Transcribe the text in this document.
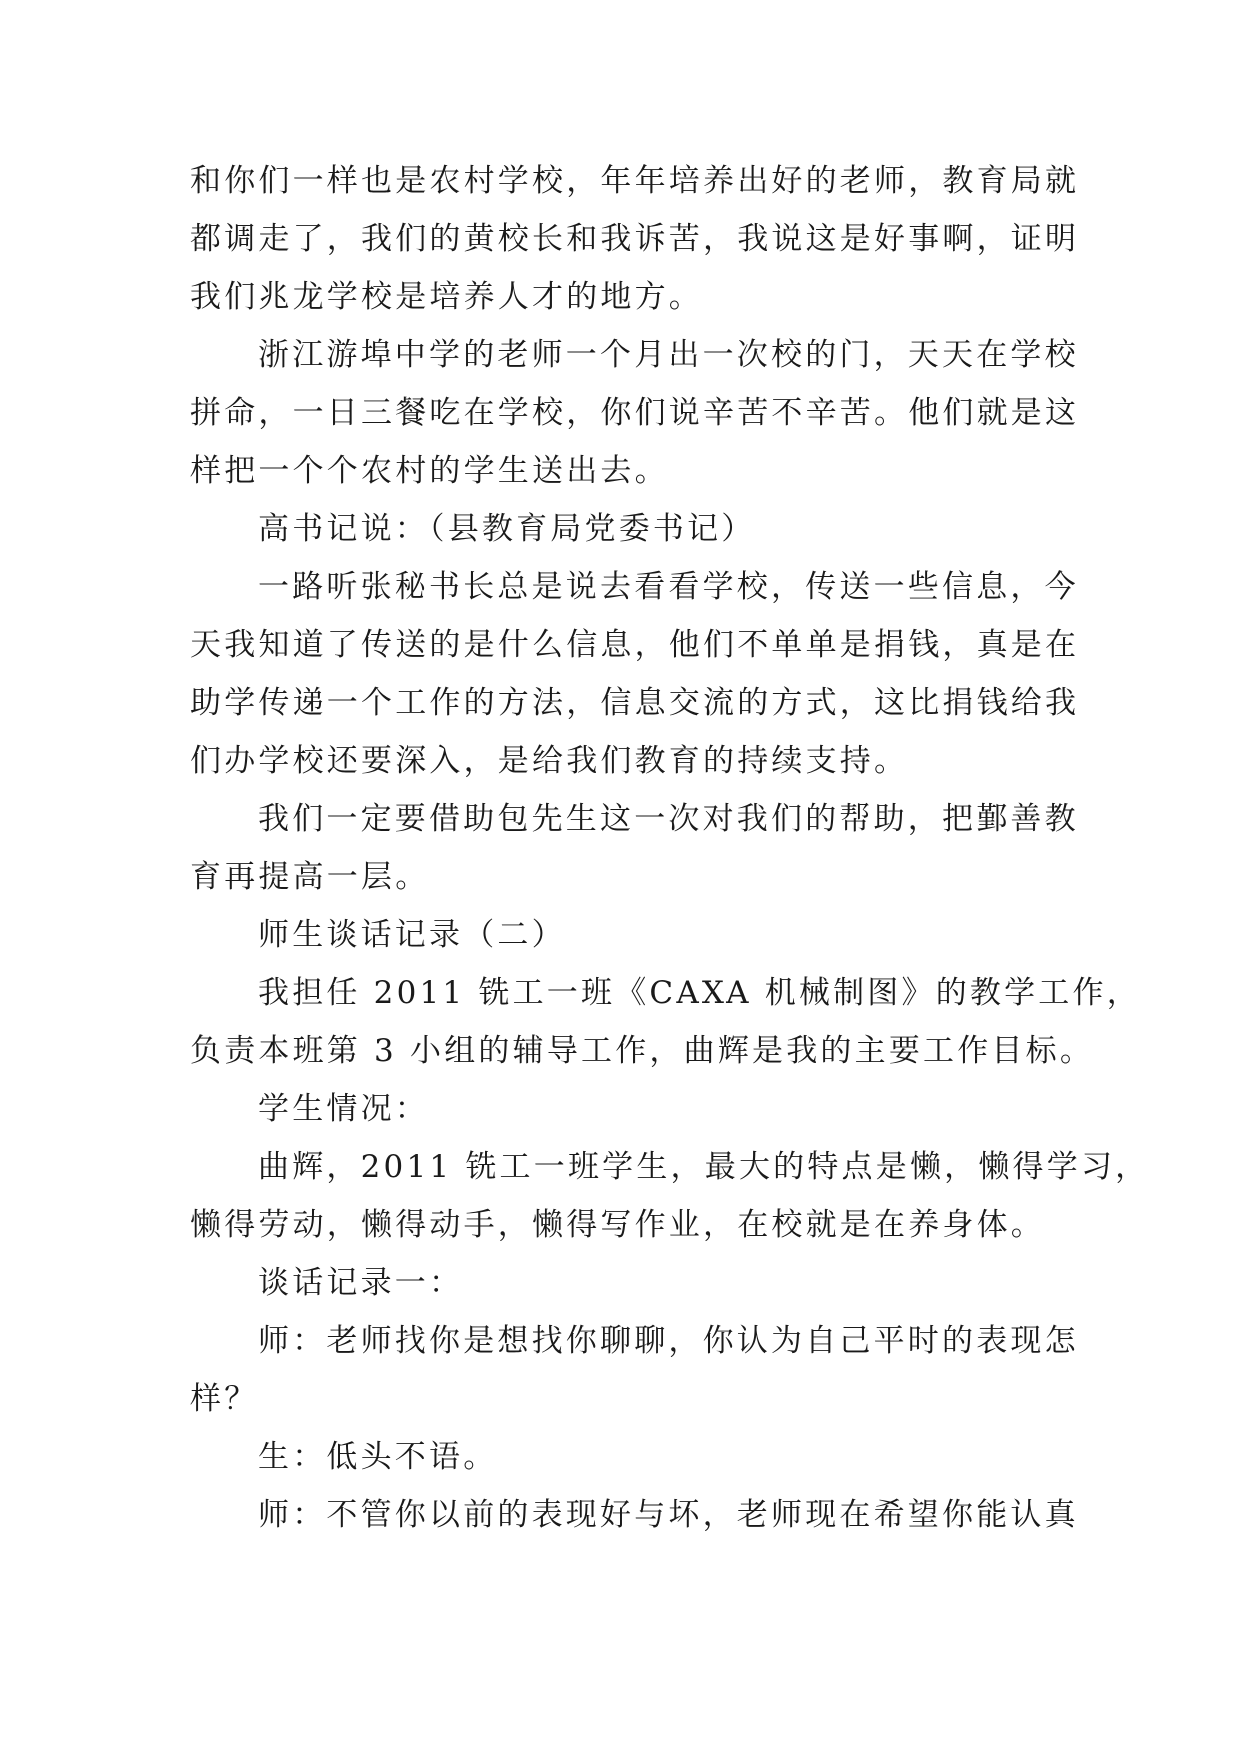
和你们一样也是农村学校，年年培养出好的老师，教育局就
都调走了，我们的黄校长和我诉苦，我说这是好事啊，证明
我们兆龙学校是培养人才的地方。
浙江游埠中学的老师一个月出一次校的门，天天在学校
拼命，一日三餐吃在学校，你们说辛苦不辛苦。他们就是这
样把一个个农村的学生送出去。
高书记说：（县教育局党委书记）
一路听张秘书长总是说去看看学校，传送一些信息，今
天我知道了传送的是什么信息，他们不单单是捐钱，真是在
助学传递一个工作的方法，信息交流的方式，这比捐钱给我
们办学校还要深入，是给我们教育的持续支持。
我们一定要借助包先生这一次对我们的帮助，把鄞善教
育再提高一层。
师生谈话记录（二）
我担任 2011 铣工一班《CAXA 机械制图》的教学工作，
负责本班第 3 小组的辅导工作，曲辉是我的主要工作目标。
学生情况：
曲辉，2011 铣工一班学生，最大的特点是懒，懒得学习，
懒得劳动，懒得动手，懒得写作业，在校就是在养身体。
谈话记录一：
师：老师找你是想找你聊聊，你认为自己平时的表现怎
样？
生：低头不语。
师：不管你以前的表现好与坏，老师现在希望你能认真
